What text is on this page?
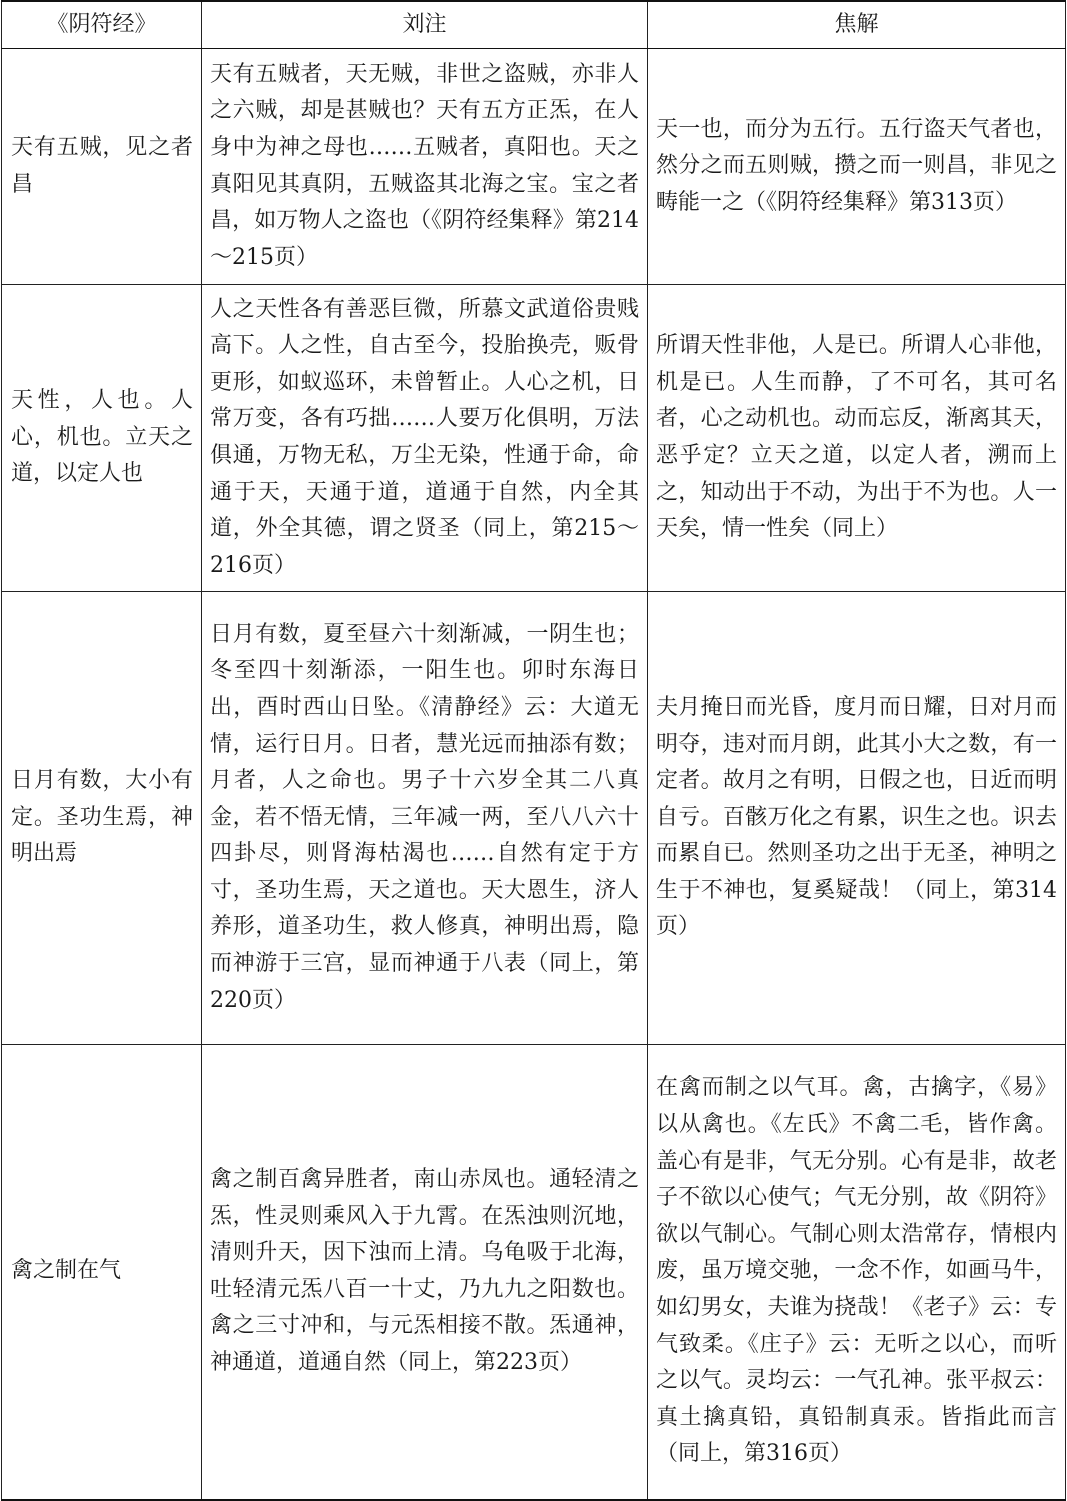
《阴符经》	刘注	焦解

天有五贼，见之者昌	天有五贼者，天无贼，非世之盗贼，亦非人之六贼，却是甚贼也？天有五方正炁，在人身中为神之母也……五贼者，真阳也。天之真阳见其真阴，五贼盗其北海之宝。宝之者昌，如万物人之盗也（《阴符经集释》第214～215页）	天一也，而分为五行。五行盗天气者也，然分之而五则贼，攒之而一则昌，非见之畴能一之（《阴符经集释》第313页）

天性，人也。人心，机也。立天之道，以定人也	人之天性各有善恶巨微，所慕文武道俗贵贱高下。人之性，自古至今，投胎换壳，贩骨更形，如蚁巡环，未曾暂止。人心之机，日常万变，各有巧拙……人要万化俱明，万法俱通，万物无私，万尘无染，性通于命，命通于天，天通于道，道通于自然，内全其道，外全其德，谓之贤圣（同上，第215～216页）	所谓天性非他，人是已。所谓人心非他，机是已。人生而静，了不可名，其可名者，心之动机也。动而忘反，渐离其天，恶乎定？立天之道，以定人者，溯而上之，知动出于不动，为出于不为也。人一天矣，情一性矣（同上）

日月有数，大小有定。圣功生焉，神明出焉	日月有数，夏至昼六十刻渐减，一阴生也；冬至四十刻渐添，一阳生也。卯时东海日出，酉时西山日坠。《清静经》云：大道无情，运行日月。日者，慧光远而抽添有数；月者，人之命也。男子十六岁全其二八真金，若不悟无情，三年减一两，至八八六十四卦尽，则肾海枯渴也……自然有定于方寸，圣功生焉，天之道也。天大恩生，济人养形，道圣功生，救人修真，神明出焉，隐而神游于三宫，显而神通于八表（同上，第220页）	夫月掩日而光昏，度月而日耀，日对月而明夺，违对而月朗，此其小大之数，有一定者。故月之有明，日假之也，日近而明自亏。百骸万化之有累，识生之也。识去而累自已。然则圣功之出于无圣，神明之生于不神也，复奚疑哉！（同上，第314页）

禽之制在气	禽之制百禽异胜者，南山赤凤也。通轻清之炁，性灵则乘风入于九霄。在炁浊则沉地，清则升天，因下浊而上清。乌龟吸于北海，吐轻清元炁八百一十丈，乃九九之阳数也。禽之三寸冲和，与元炁相接不散。炁通神，神通道，道通自然（同上，第223页）	在禽而制之以气耳。禽，古擒字，《易》以从禽也。《左氏》不禽二毛，皆作禽。盖心有是非，气无分别。心有是非，故老子不欲以心使气；气无分别，故《阴符》欲以气制心。气制心则太浩常存，情根内废，虽万境交驰，一念不作，如画马牛，如幻男女，夫谁为挠哉！《老子》云：专气致柔。《庄子》云：无听之以心，而听之以气。灵均云：一气孔神。张平叔云：真土擒真铅，真铅制真汞。皆指此而言（同上，第316页）
